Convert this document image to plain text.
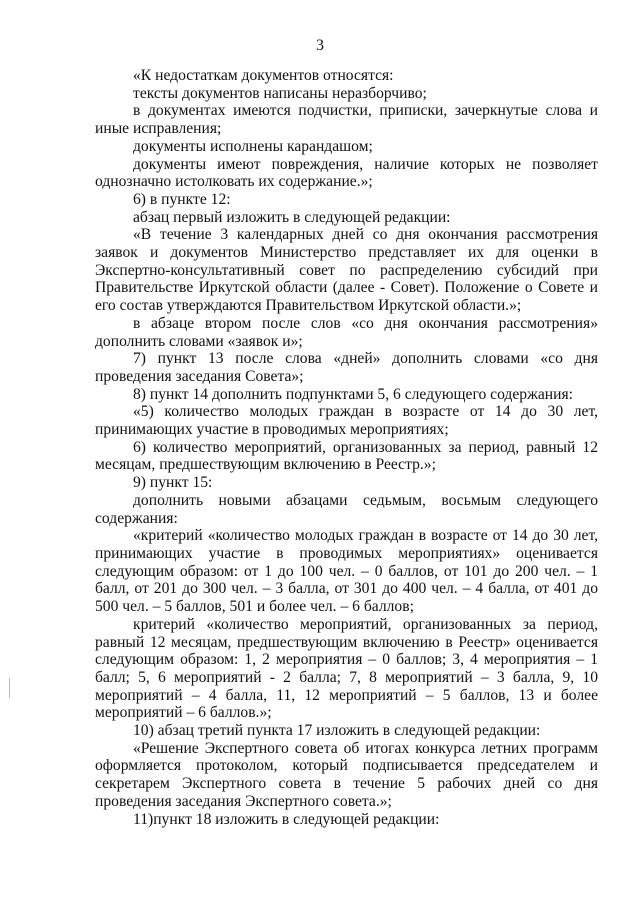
3

«К недостаткам документов относятся:

тексты документов написаны неразборчиво;

в документах имеются подчистки, приписки, зачеркнутые слова и иные исправления;

документы исполнены карандашом;

документы имеют повреждения, наличие которых не позволяет однозначно истолковать их содержание.»;

6) в пункте 12:

абзац первый изложить в следующей редакции:

«В течение 3 календарных дней со дня окончания рассмотрения заявок и документов Министерство представляет их для оценки в Экспертно-консультативный совет по распределению субсидий при Правительстве Иркутской области (далее - Совет). Положение о Совете и его состав утверждаются Правительством Иркутской области.»;

в абзаце втором после слов «со дня окончания рассмотрения» дополнить словами «заявок и»;

7) пункт 13 после слова «дней» дополнить словами «со дня проведения заседания Совета»;

8) пункт 14 дополнить подпунктами 5, 6 следующего содержания:

«5) количество молодых граждан в возрасте от 14 до 30 лет, принимающих участие в проводимых мероприятиях;

6) количество мероприятий, организованных за период, равный 12 месяцам, предшествующим включению в Реестр.»;

9) пункт 15:

дополнить новыми абзацами седьмым, восьмым следующего содержания:

«критерий «количество молодых граждан в возрасте от 14 до 30 лет, принимающих участие в проводимых мероприятиях» оценивается следующим образом: от 1 до 100 чел. – 0 баллов, от 101 до 200 чел. – 1 балл, от 201 до 300 чел. – 3 балла, от 301 до 400 чел. – 4 балла, от 401 до 500 чел. – 5 баллов, 501 и более чел. – 6 баллов;

критерий «количество мероприятий, организованных за период, равный 12 месяцам, предшествующим включению в Реестр» оценивается следующим образом: 1, 2 мероприятия – 0 баллов; 3, 4 мероприятия – 1 балл; 5, 6 мероприятий - 2 балла; 7, 8 мероприятий – 3 балла, 9, 10 мероприятий – 4 балла, 11, 12 мероприятий – 5 баллов, 13 и более мероприятий – 6 баллов.»;

10) абзац третий пункта 17 изложить в следующей редакции:

«Решение Экспертного совета об итогах конкурса летних программ оформляется протоколом, который подписывается председателем и секретарем Экспертного совета в течение 5 рабочих дней со дня проведения заседания Экспертного совета.»;

11)пункт 18 изложить в следующей редакции:
